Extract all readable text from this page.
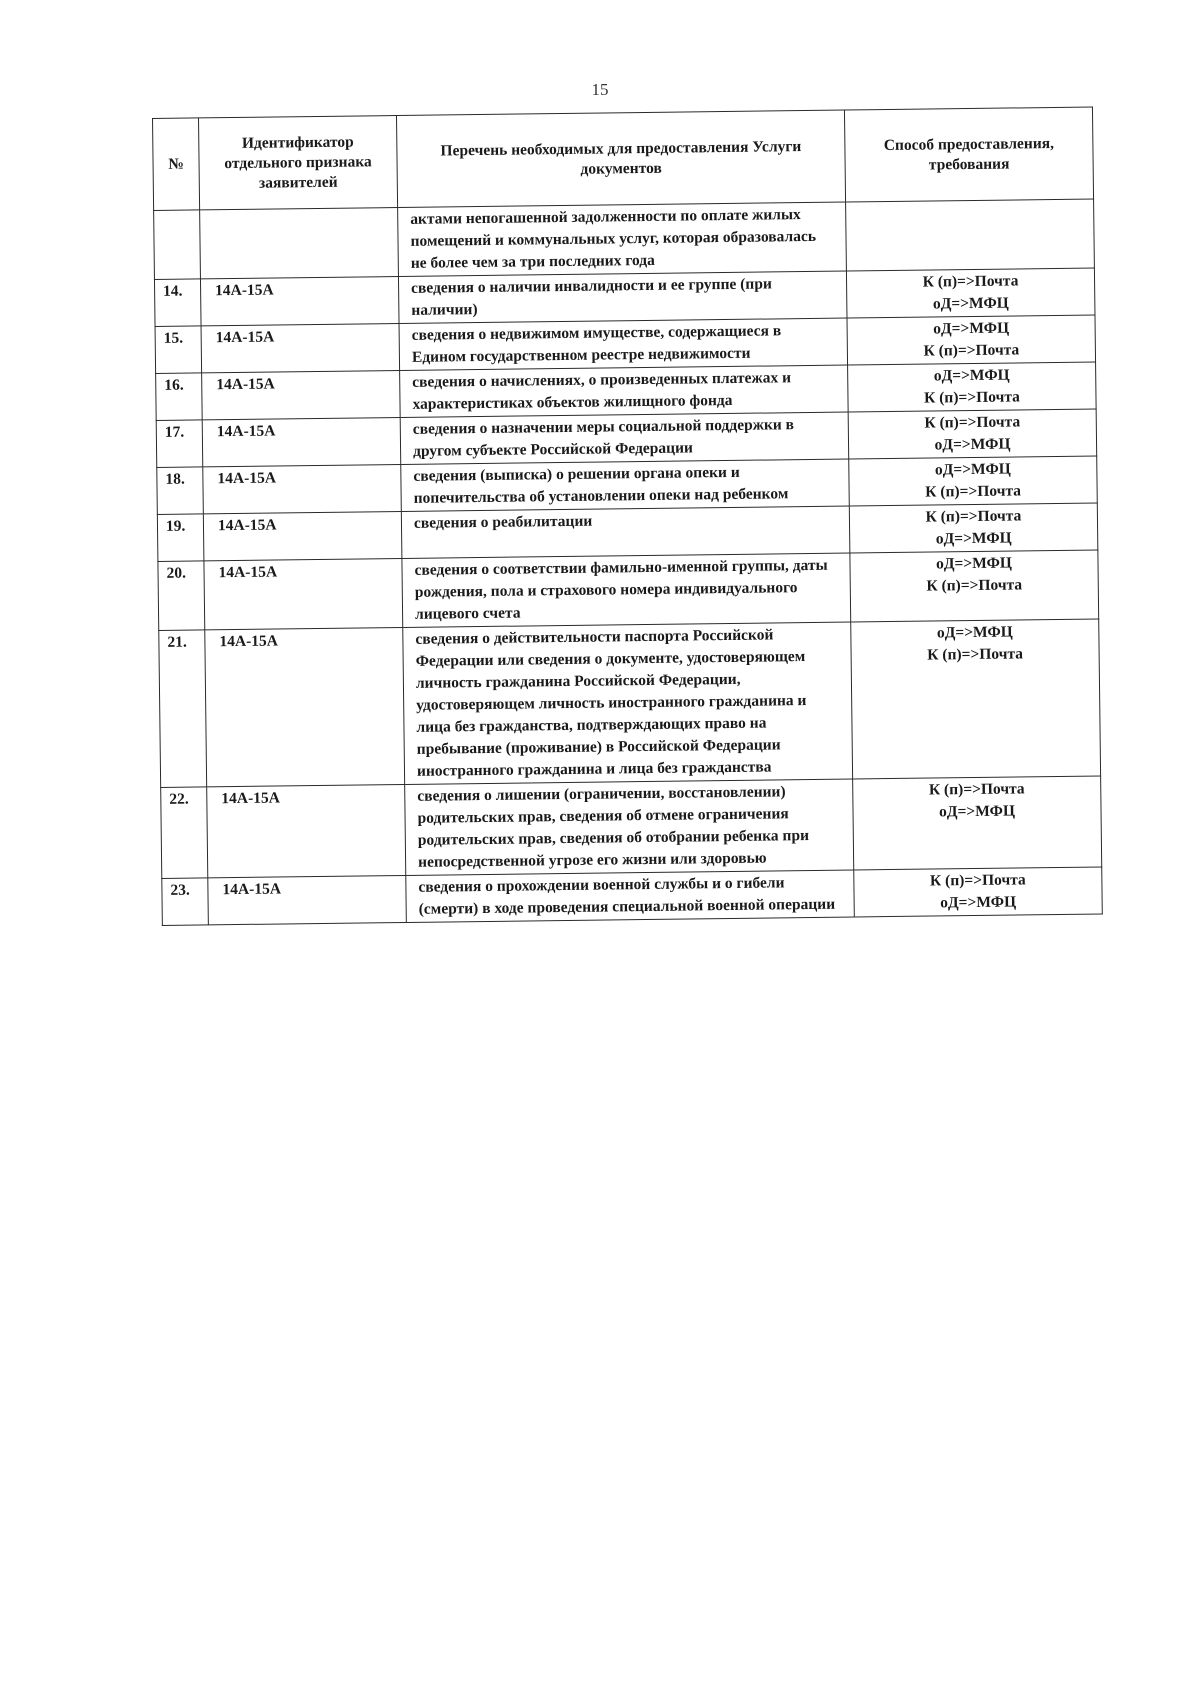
15
№	Идентификатор отдельного признака заявителей	Перечень необходимых для предоставления Услуги документов	Способ предоставления, требования
		актами непогашенной задолженности по оплате жилых помещений и коммунальных услуг, которая образовалась не более чем за три последних года	
14.	14А-15А	сведения о наличии инвалидности и ее группе (при наличии)	К (п)=>Почта
оД=>МФЦ

15.	14А-15А	сведения о недвижимом имуществе, содержащиеся в Едином государственном реестре недвижимости	оД=>МФЦ
К (п)=>Почта

16.	14А-15А	сведения о начислениях, о произведенных платежах и характеристиках объектов жилищного фонда	оД=>МФЦ
К (п)=>Почта

17.	14А-15А	сведения о назначении меры социальной поддержки в другом субъекте Российской Федерации	К (п)=>Почта
оД=>МФЦ

18.	14А-15А	сведения (выписка) о решении органа опеки и попечительства об установлении опеки над ребенком	оД=>МФЦ
К (п)=>Почта

19.	14А-15А	сведения о реабилитации	К (п)=>Почта
оД=>МФЦ

20.	14А-15А	сведения о соответствии фамильно-именной группы, даты рождения, пола и страхового номера индивидуального лицевого счета	оД=>МФЦ
К (п)=>Почта

21.	14А-15А	сведения о действительности паспорта Российской Федерации или сведения о документе, удостоверяющем личность гражданина Российской Федерации, удостоверяющем личность иностранного гражданина и лица без гражданства, подтверждающих право на пребывание (проживание) в Российской Федерации иностранного гражданина и лица без гражданства	оД=>МФЦ
К (п)=>Почта

22.	14А-15А	сведения о лишении (ограничении, восстановлении) родительских прав, сведения об отмене ограничения родительских прав, сведения об отобрании ребенка при непосредственной угрозе его жизни или здоровью	К (п)=>Почта
оД=>МФЦ

23.	14А-15А	сведения о прохождении военной службы и о гибели (смерти) в ходе проведения специальной военной операции	К (п)=>Почта
оД=>МФЦ
